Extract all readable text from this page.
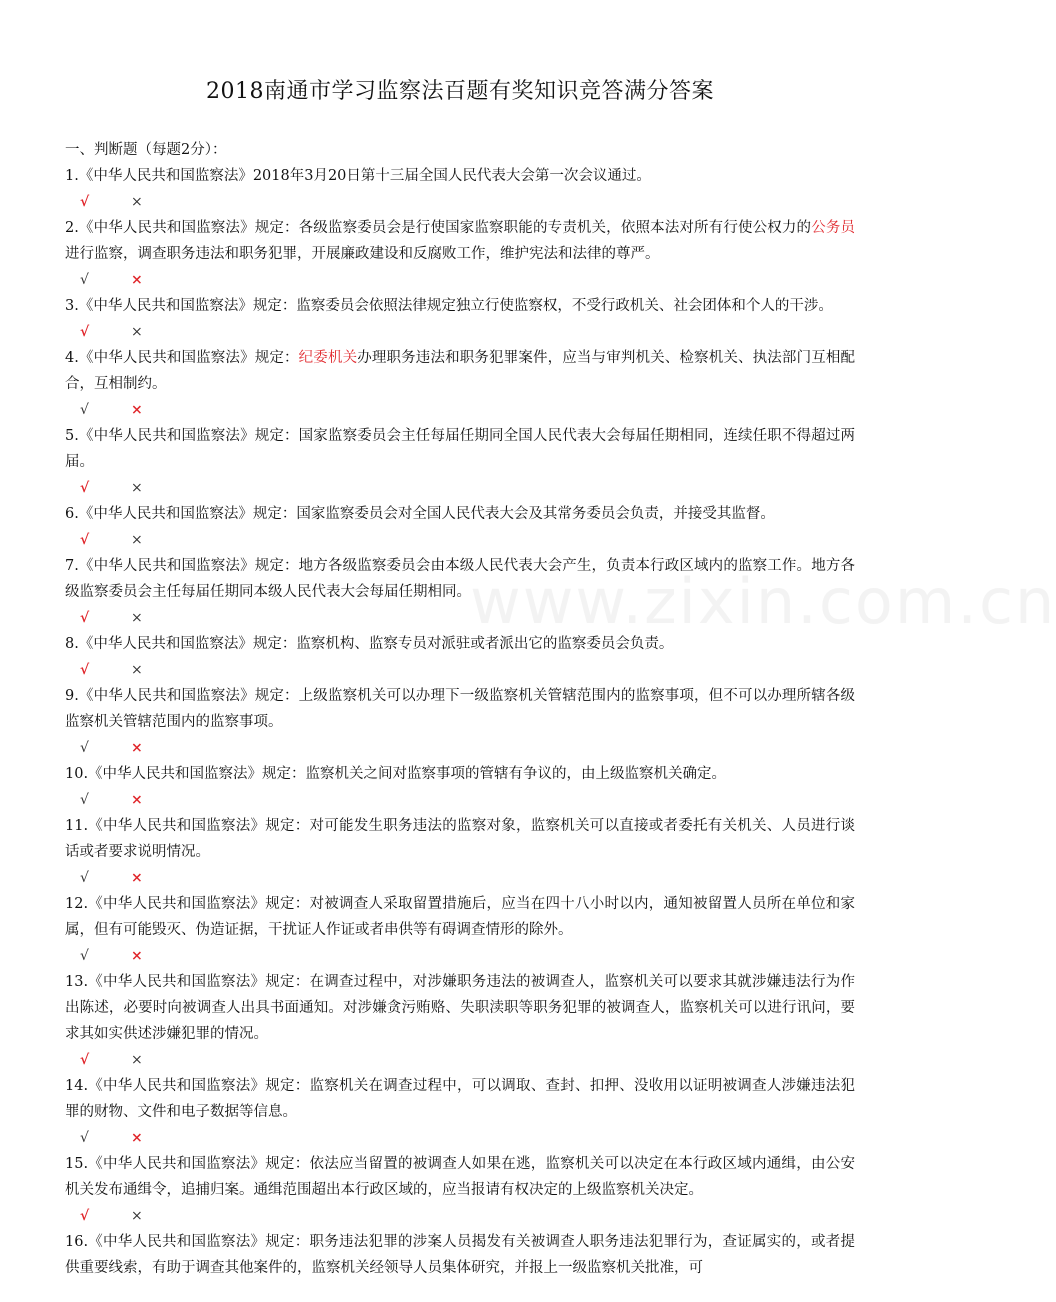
www.zixin.com.cn
2018南通市学习监察法百题有奖知识竞答满分答案
一、判断题（每题2分）：
1.《中华人民共和国监察法》2018年3月20日第十三届全国人民代表大会第一次会议通过。
√	×
2.《中华人民共和国监察法》规定：各级监察委员会是行使国家监察职能的专责机关，依照本法对所有行使公权力的公务员进行监察，调查职务违法和职务犯罪，开展廉政建设和反腐败工作，维护宪法和法律的尊严。
√	×
3.《中华人民共和国监察法》规定：监察委员会依照法律规定独立行使监察权，不受行政机关、社会团体和个人的干涉。
√	×
4.《中华人民共和国监察法》规定：纪委机关办理职务违法和职务犯罪案件，应当与审判机关、检察机关、执法部门互相配合，互相制约。
√	×
5.《中华人民共和国监察法》规定：国家监察委员会主任每届任期同全国人民代表大会每届任期相同，连续任职不得超过两届。
√	×
6.《中华人民共和国监察法》规定：国家监察委员会对全国人民代表大会及其常务委员会负责，并接受其监督。
√	×
7.《中华人民共和国监察法》规定：地方各级监察委员会由本级人民代表大会产生，负责本行政区域内的监察工作。地方各级监察委员会主任每届任期同本级人民代表大会每届任期相同。
√	×
8.《中华人民共和国监察法》规定：监察机构、监察专员对派驻或者派出它的监察委员会负责。
√	×
9.《中华人民共和国监察法》规定：上级监察机关可以办理下一级监察机关管辖范围内的监察事项，但不可以办理所辖各级监察机关管辖范围内的监察事项。
√	×
10.《中华人民共和国监察法》规定：监察机关之间对监察事项的管辖有争议的，由上级监察机关确定。
√	×
11.《中华人民共和国监察法》规定：对可能发生职务违法的监察对象，监察机关可以直接或者委托有关机关、人员进行谈话或者要求说明情况。
√	×
12.《中华人民共和国监察法》规定：对被调查人采取留置措施后，应当在四十八小时以内，通知被留置人员所在单位和家属，但有可能毁灭、伪造证据，干扰证人作证或者串供等有碍调查情形的除外。
√	×
13.《中华人民共和国监察法》规定：在调查过程中，对涉嫌职务违法的被调查人，监察机关可以要求其就涉嫌违法行为作出陈述，必要时向被调查人出具书面通知。对涉嫌贪污贿赂、失职渎职等职务犯罪的被调查人，监察机关可以进行讯问，要求其如实供述涉嫌犯罪的情况。
√	×
14.《中华人民共和国监察法》规定：监察机关在调查过程中，可以调取、查封、扣押、没收用以证明被调查人涉嫌违法犯罪的财物、文件和电子数据等信息。
√	×
15.《中华人民共和国监察法》规定：依法应当留置的被调查人如果在逃，监察机关可以决定在本行政区域内通缉，由公安机关发布通缉令，追捕归案。通缉范围超出本行政区域的，应当报请有权决定的上级监察机关决定。
√	×
16.《中华人民共和国监察法》规定：职务违法犯罪的涉案人员揭发有关被调查人职务违法犯罪行为，查证属实的，或者提供重要线索，有助于调查其他案件的，监察机关经领导人员集体研究，并报上一级监察机关批准，可
